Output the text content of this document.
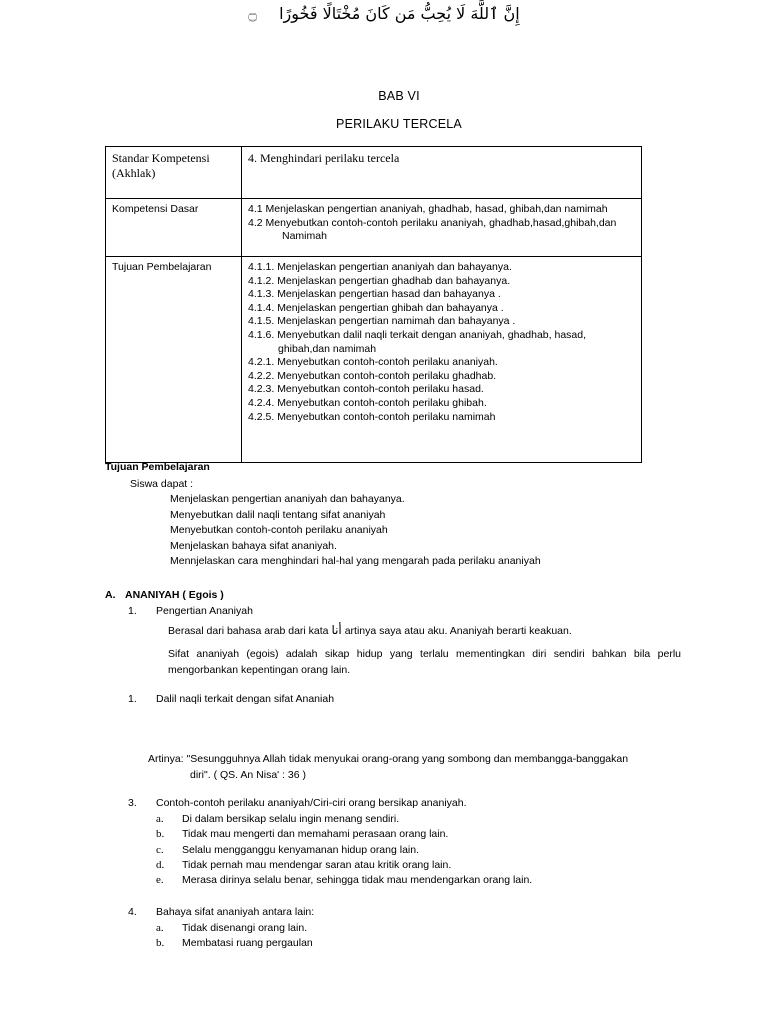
BAB VI
PERILAKU TERCELA
Standar Kompetensi
(Akhlak)	4. Menghindari perilaku tercela

Kompetensi Dasar	4.1 Menjelaskan pengertian ananiyah, ghadhab, hasad, ghibah,dan namimah
4.2 Menyebutkan contoh-contoh perilaku ananiyah, ghadhab,hasad,ghibah,dan
Namimah

Tujuan Pembelajaran	4.1.1. Menjelaskan pengertian ananiyah dan bahayanya.
4.1.2. Menjelaskan pengertian ghadhab dan bahayanya.
4.1.3. Menjelaskan pengertian hasad dan bahayanya .
4.1.4. Menjelaskan pengertian ghibah dan bahayanya .
4.1.5. Menjelaskan pengertian namimah dan bahayanya .
4.1.6. Menyebutkan dalil naqli terkait dengan ananiyah, ghadhab, hasad,
ghibah,dan namimah
4.2.1. Menyebutkan contoh-contoh perilaku ananiyah.
4.2.2. Menyebutkan contoh-contoh perilaku ghadhab.
4.2.3. Menyebutkan contoh-contoh perilaku hasad.
4.2.4. Menyebutkan contoh-contoh perilaku ghibah.
4.2.5. Menyebutkan contoh-contoh perilaku namimah
Tujuan Pembelajaran
Siswa dapat :
Menjelaskan pengertian ananiyah dan bahayanya.
Menyebutkan dalil naqli tentang sifat ananiyah
Menyebutkan contoh-contoh perilaku ananiyah
Menjelaskan bahaya sifat ananiyah.
Mennjelaskan cara menghindari hal-hal yang mengarah pada perilaku ananiyah
A. ANANIYAH ( Egois )
1. Pengertian Ananiyah
Berasal dari bahasa arab dari kata أنا artinya saya atau aku. Ananiyah berarti keakuan.
Sifat ananiyah (egois) adalah sikap hidup yang terlalu mementingkan diri sendiri bahkan bila perlu mengorbankan kepentingan orang lain.
1. Dalil naqli terkait dengan sifat Ananiah
إِنَّ ٱللَّهَ لَا يُحِبُّ مَن كَانَ مُخْتَالًا فَخُورًا۝
Artinya: "Sesungguhnya Allah tidak menyukai orang-orang yang sombong dan membangga-banggakan
diri". ( QS. An Nisa' : 36 )
3. Contoh-contoh perilaku ananiyah/Ciri-ciri orang bersikap ananiyah.
a. Di dalam bersikap selalu ingin menang sendiri.
b. Tidak mau mengerti dan memahami perasaan orang lain.
c. Selalu mengganggu kenyamanan hidup orang lain.
d. Tidak pernah mau mendengar saran atau kritik orang lain.
e. Merasa dirinya selalu benar, sehingga tidak mau mendengarkan orang lain.
4. Bahaya sifat ananiyah antara lain:
a. Tidak disenangi orang lain.
b. Membatasi ruang pergaulan
